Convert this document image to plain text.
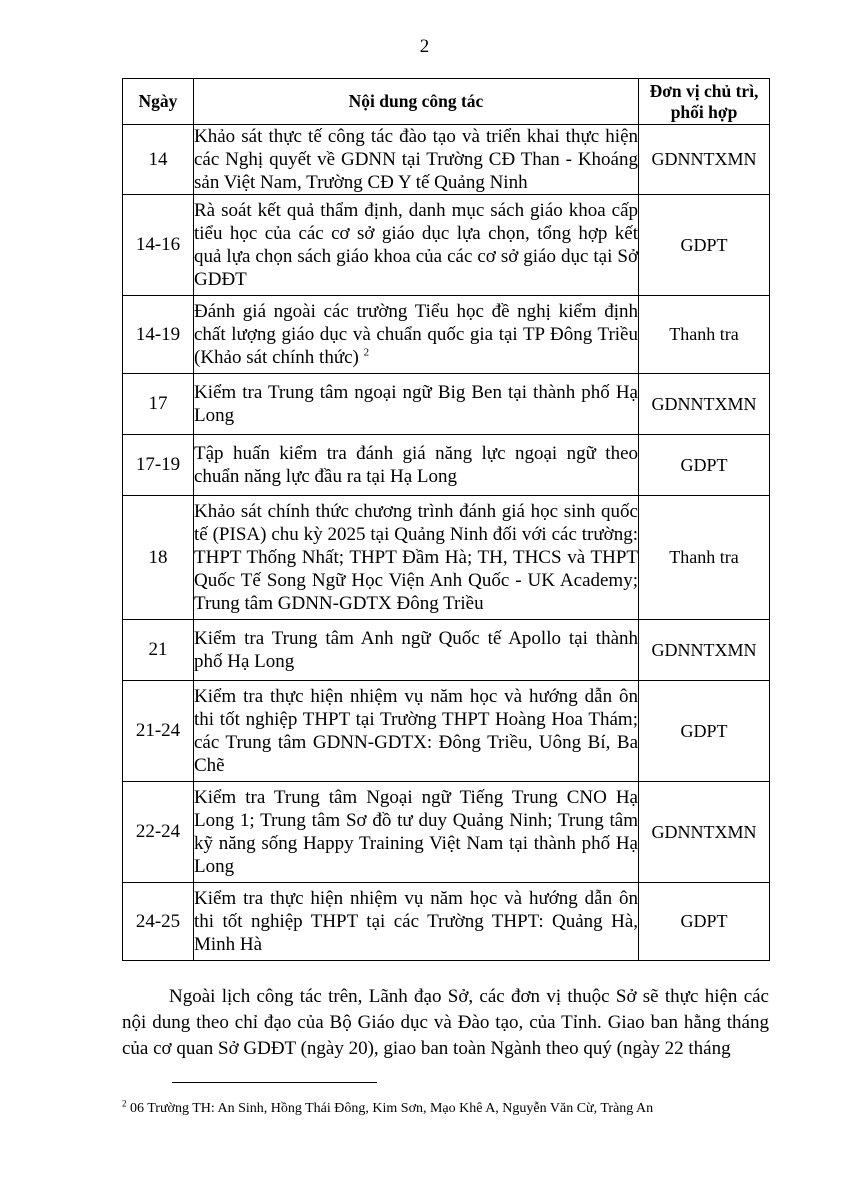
2
Ngày	Nội dung công tác	Đơn vị chủ trì, phối hợp
14	Khảo sát thực tế công tác đào tạo và triển khai thực hiện các Nghị quyết về GDNN tại Trường CĐ Than - Khoáng sản Việt Nam, Trường CĐ Y tế Quảng Ninh	GDNNTXMN
14-16	Rà soát kết quả thẩm định, danh mục sách giáo khoa cấp tiểu học của các cơ sở giáo dục lựa chọn, tổng hợp kết quả lựa chọn sách giáo khoa của các cơ sở giáo dục tại Sở GDĐT	GDPT
14-19	Đánh giá ngoài các trường Tiểu học đề nghị kiểm định chất lượng giáo dục và chuẩn quốc gia tại TP Đông Triều (Khảo sát chính thức) $^2$	Thanh tra
17	Kiểm tra Trung tâm ngoại ngữ Big Ben tại thành phố Hạ Long	GDNNTXMN
17-19	Tập huấn kiểm tra đánh giá năng lực ngoại ngữ theo chuẩn năng lực đầu ra tại Hạ Long	GDPT
18	Khảo sát chính thức chương trình đánh giá học sinh quốc tế (PISA) chu kỳ 2025 tại Quảng Ninh đối với các trường: THPT Thống Nhất; THPT Đầm Hà; TH, THCS và THPT Quốc Tế Song Ngữ Học Viện Anh Quốc - UK Academy; Trung tâm GDNN-GDTX Đông Triều	Thanh tra
21	Kiểm tra Trung tâm Anh ngữ Quốc tế Apollo tại thành phố Hạ Long	GDNNTXMN
21-24	Kiểm tra thực hiện nhiệm vụ năm học và hướng dẫn ôn thi tốt nghiệp THPT tại Trường THPT Hoàng Hoa Thám; các Trung tâm GDNN-GDTX: Đông Triều, Uông Bí, Ba Chẽ	GDPT
22-24	Kiểm tra Trung tâm Ngoại ngữ Tiếng Trung CNO Hạ Long 1; Trung tâm Sơ đồ tư duy Quảng Ninh; Trung tâm kỹ năng sống Happy Training Việt Nam tại thành phố Hạ Long	GDNNTXMN
24-25	Kiểm tra thực hiện nhiệm vụ năm học và hướng dẫn ôn thi tốt nghiệp THPT tại các Trường THPT: Quảng Hà, Minh Hà	GDPT

Ngoài lịch công tác trên, Lãnh đạo Sở, các đơn vị thuộc Sở sẽ thực hiện các nội dung theo chỉ đạo của Bộ Giáo dục và Đào tạo, của Tỉnh. Giao ban hằng tháng của cơ quan Sở GDĐT (ngày 20), giao ban toàn Ngành theo quý (ngày 22 tháng

$^2$ 06 Trường TH: An Sinh, Hồng Thái Đông, Kim Sơn, Mạo Khê A, Nguyễn Văn Cừ, Tràng An
